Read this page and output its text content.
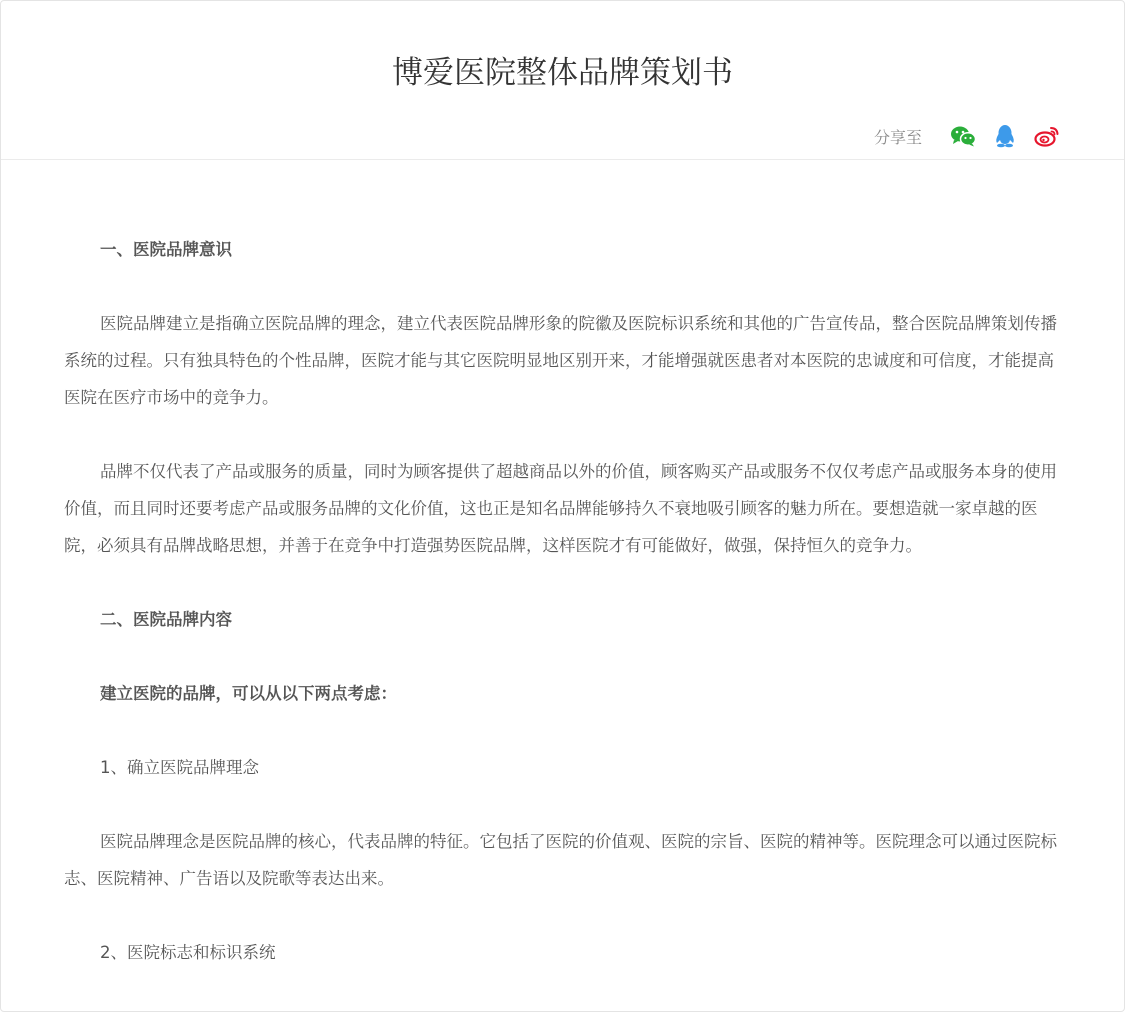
博爱医院整体品牌策划书
分享至

一、医院品牌意识

医院品牌建立是指确立医院品牌的理念，建立代表医院品牌形象的院徽及医院标识系统和其他的广告宣传品，整合医院品牌策划传播系统的过程。只有独具特色的个性品牌，医院才能与其它医院明显地区别开来，才能增强就医患者对本医院的忠诚度和可信度，才能提高医院在医疗市场中的竞争力。

品牌不仅代表了产品或服务的质量，同时为顾客提供了超越商品以外的价值，顾客购买产品或服务不仅仅考虑产品或服务本身的使用价值，而且同时还要考虑产品或服务品牌的文化价值，这也正是知名品牌能够持久不衰地吸引顾客的魅力所在。要想造就一家卓越的医院，必须具有品牌战略思想，并善于在竞争中打造强势医院品牌，这样医院才有可能做好，做强，保持恒久的竞争力。

二、医院品牌内容

建立医院的品牌，可以从以下两点考虑：

1、确立医院品牌理念

医院品牌理念是医院品牌的核心，代表品牌的特征。它包括了医院的价值观、医院的宗旨、医院的精神等。医院理念可以通过医院标志、医院精神、广告语以及院歌等表达出来。

2、医院标志和标识系统
